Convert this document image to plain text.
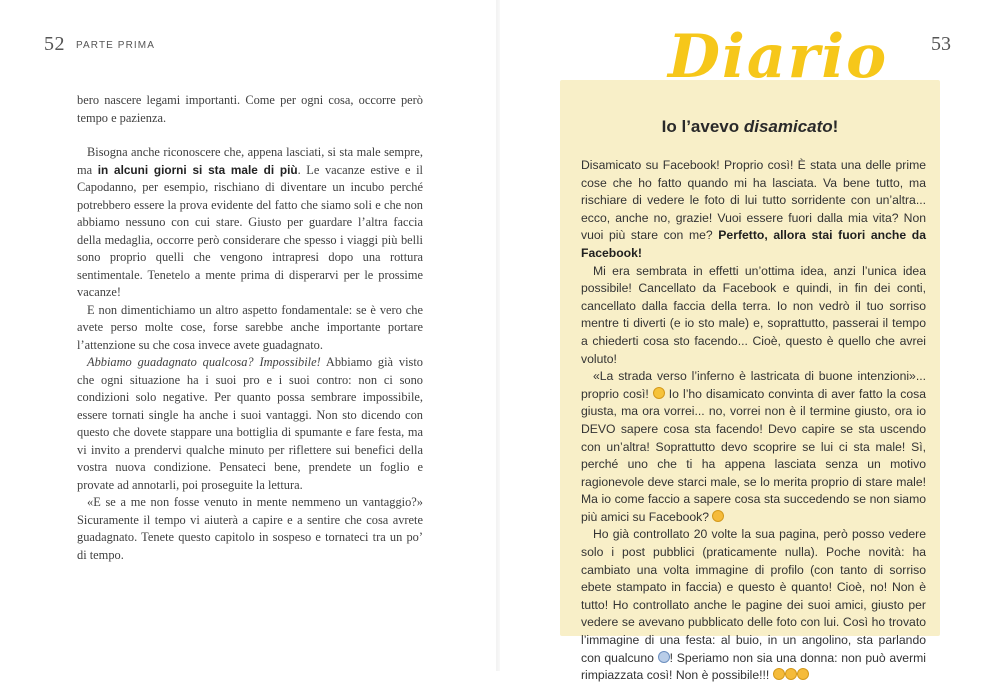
52 PARTE PRIMA

bero nascere legami importanti. Come per ogni cosa, occorre però tempo e pazienza.

Bisogna anche riconoscere che, appena lasciati, si sta male sempre, ma in alcuni giorni si sta male di più. Le vacanze estive e il Capodanno, per esempio, rischiano di diventare un incubo perché potrebbero essere la prova evidente del fatto che siamo soli e che non abbiamo nessuno con cui stare. Giusto per guardare l’altra faccia della medaglia, occorre però considerare che spesso i viaggi più belli sono proprio quelli che vengono intrapresi dopo una rottura sentimentale. Tenetelo a mente prima di disperarvi per le prossime vacanze!

E non dimentichiamo un altro aspetto fondamentale: se è vero che avete perso molte cose, forse sarebbe anche importante portare l’attenzione su che cosa invece avete guadagnato.

Abbiamo guadagnato qualcosa? Impossibile! Abbiamo già visto che ogni situazione ha i suoi pro e i suoi contro: non ci sono condizioni solo negative. Per quanto possa sembrare impossibile, essere tornati single ha anche i suoi vantaggi. Non sto dicendo con questo che dovete stappare una bottiglia di spumante e fare festa, ma vi invito a prendervi qualche minuto per riflettere sui benefici della vostra nuova condizione. Pensateci bene, prendete un foglio e provate ad annotarli, poi proseguite la lettura.

«E se a me non fosse venuto in mente nemmeno un vantaggio?» Sicuramente il tempo vi aiuterà a capire e a sentire che cosa avrete guadagnato. Tenete questo capitolo in sospeso e tornateci tra un po’ di tempo.

53
Diario
Io l’avevo disamicato!

Disamicato su Facebook! Proprio così! È stata una delle prime cose che ho fatto quando mi ha lasciata. Va bene tutto, ma rischiare di vedere le foto di lui tutto sorridente con un’altra... ecco, anche no, grazie! Vuoi essere fuori dalla mia vita? Non vuoi più stare con me? Perfetto, allora stai fuori anche da Facebook!

Mi era sembrata in effetti un’ottima idea, anzi l’unica idea possibile! Cancellato da Facebook e quindi, in fin dei conti, cancellato dalla faccia della terra. Io non vedrò il tuo sorriso mentre ti diverti (e io sto male) e, soprattutto, passerai il tempo a chiederti cosa sto facendo... Cioè, questo è quello che avrei voluto!

«La strada verso l’inferno è lastricata di buone intenzioni»... proprio così!  Io l’ho disamicato convinta di aver fatto la cosa giusta, ma ora vorrei... no, vorrei non è il termine giusto, ora io DEVO sapere cosa sta facendo! Devo capire se sta uscendo con un’altra! Soprattutto devo scoprire se lui ci sta male! Sì, perché uno che ti ha appena lasciata senza un motivo ragionevole deve starci male, se lo merita proprio di stare male! Ma io come faccio a sapere cosa sta succedendo se non siamo più amici su Facebook?

Ho già controllato 20 volte la sua pagina, però posso vedere solo i post pubblici (praticamente nulla). Poche novità: ha cambiato una volta immagine di profilo (con tanto di sorriso ebete stampato in faccia) e questo è quanto! Cioè, no! Non è tutto! Ho controllato anche le pagine dei suoi amici, giusto per vedere se avevano pubblicato delle foto con lui. Così ho trovato l’immagine di una festa: al buio, in un angolino, sta parlando con qualcuno ! Speriamo non sia una donna: non può avermi rimpiazzata così! Non è possibile!!!
